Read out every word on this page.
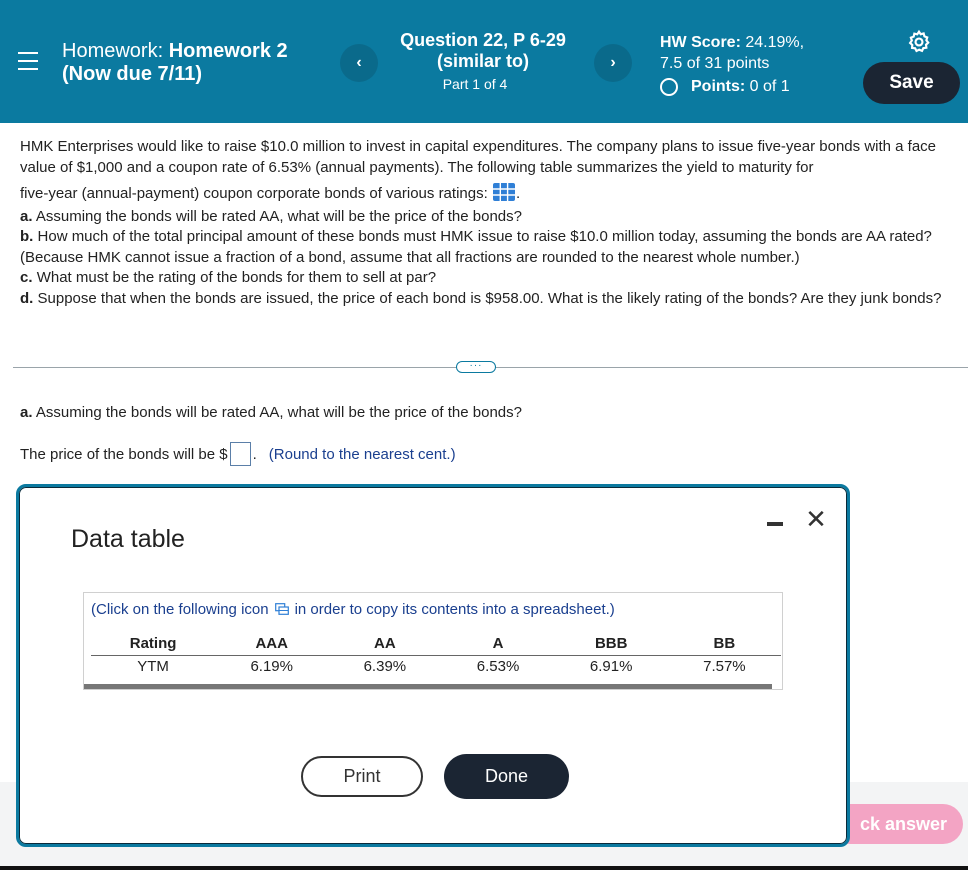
Homework: Homework 2
(Now due 7/11)
‹
Question 22, P 6-29
(similar to)
Part 1 of 4
›
HW Score: 24.19%,
7.5 of 31 points
Points:
0 of 1	Save
HMK Enterprises would like to raise $10.0 million to invest in capital expenditures. The company plans to issue five-year bonds with a face value of $1,000 and a coupon rate of 6.53% (annual payments). The following table summarizes the yield to maturity for
five-year (annual-payment) coupon corporate bonds of various ratings: .
a. Assuming the bonds will be rated AA, what will be the price of the bonds?
b. How much of the total principal amount of these bonds must HMK issue to raise $10.0 million today, assuming the bonds are AA rated? (Because HMK cannot issue a fraction of a bond, assume that all fractions are rounded to the nearest whole number.)
c. What must be the rating of the bonds for them to sell at par?
d. Suppose that when the bonds are issued, the price of each bond is $958.00. What is the likely rating of the bonds? Are they junk bonds?
···
a. Assuming the bonds will be rated AA, what will be the price of the bonds?
The price of the bonds will be $ . (Round to the nearest cent.)
ck answer
Data table
✕
(Click on the following icon in order to copy its contents into a spreadsheet.)
Rating	AAA	AA	A	BBB	BB
YTM	6.19%	6.39%	6.53%	6.91%	7.57%
Print	Done
